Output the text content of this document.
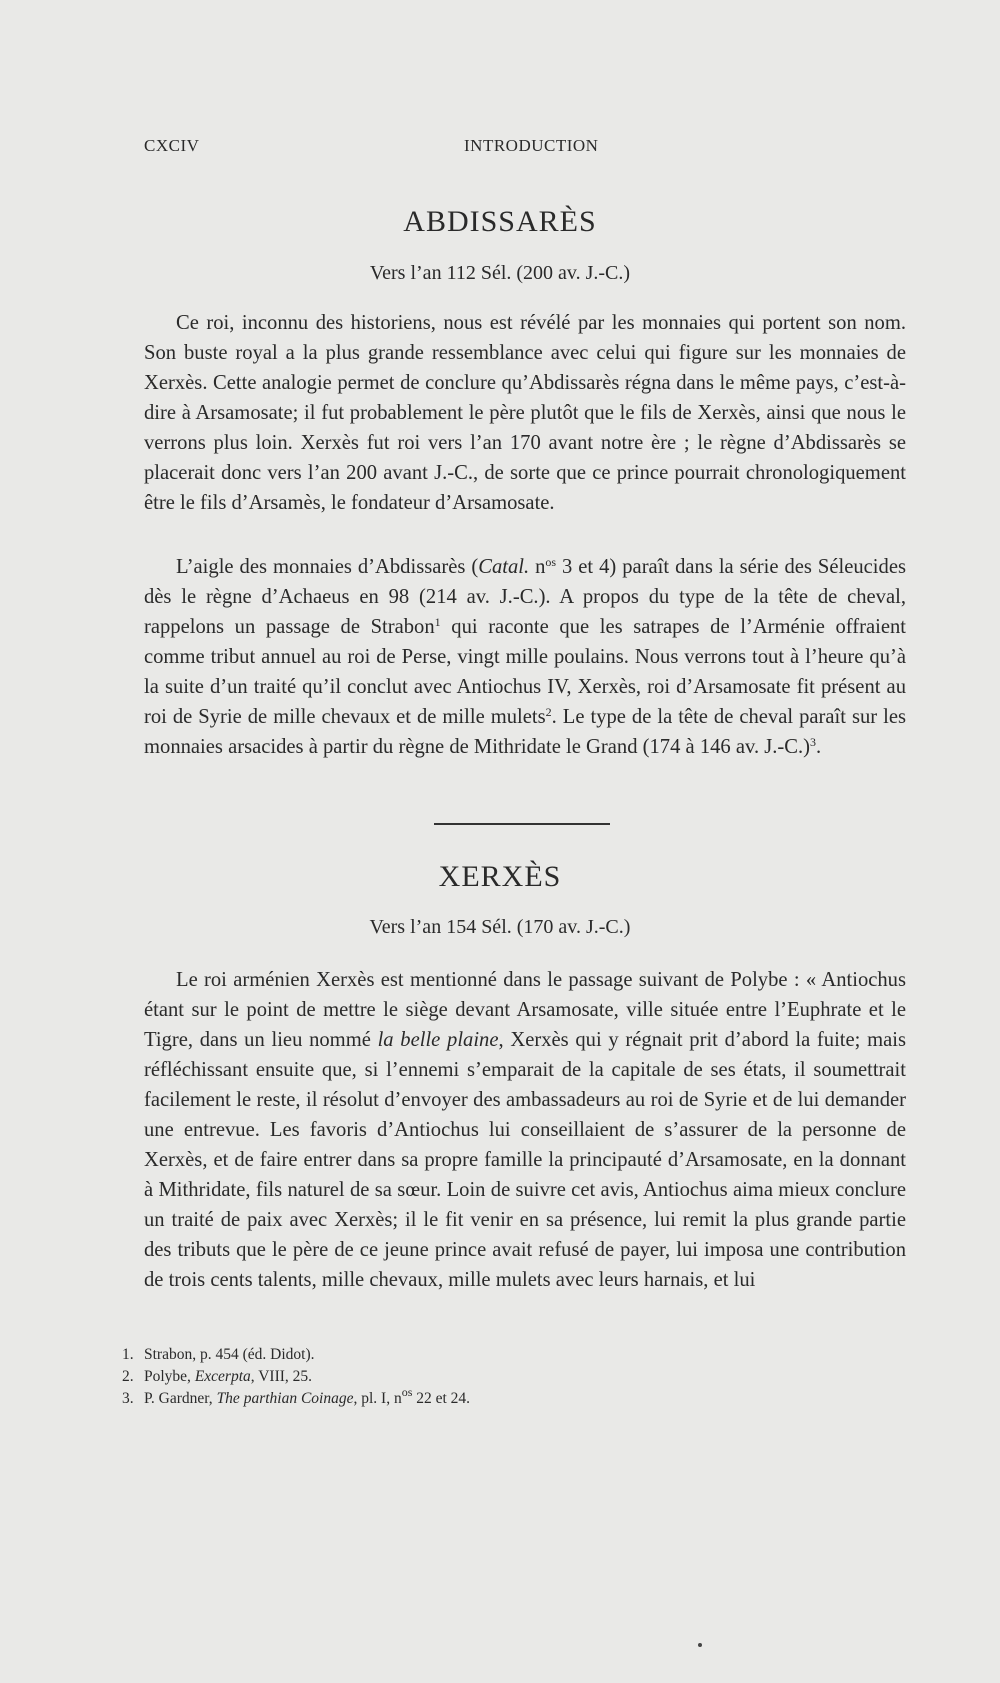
CXCIV	INTRODUCTION
ABDISSARÈS
Vers l’an 112 Sél. (200 av. J.-C.)

Ce roi, inconnu des historiens, nous est révélé par les monnaies qui portent son nom. Son buste royal a la plus grande ressemblance avec celui qui figure sur les monnaies de Xerxès. Cette analogie permet de conclure qu’Abdissarès régna dans le même pays, c’est-à-dire à Arsamosate; il fut probablement le père plutôt que le fils de Xerxès, ainsi que nous le verrons plus loin. Xerxès fut roi vers l’an 170 avant notre ère ; le règne d’Abdissarès se placerait donc vers l’an 200 avant J.-C., de sorte que ce prince pourrait chronologiquement être le fils d’Arsamès, le fondateur d’Arsamosate.

L’aigle des monnaies d’Abdissarès (Catal. $n^{os}$ 3 et 4) paraît dans la série des Séleucides dès le règne d’Achaeus en 98 (214 av. J.-C.). A propos du type de la tête de cheval, rappelons un passage de Strabon$^1$ qui raconte que les satrapes de l’Arménie offraient comme tribut annuel au roi de Perse, vingt mille poulains. Nous verrons tout à l’heure qu’à la suite d’un traité qu’il conclut avec Antiochus IV, Xerxès, roi d’Arsamosate fit présent au roi de Syrie de mille chevaux et de mille mulets$^2$. Le type de la tête de cheval paraît sur les monnaies arsacides à partir du règne de Mithridate le Grand (174 à 146 av. J.-C.)$^3$.

XERXÈS
Vers l’an 154 Sél. (170 av. J.-C.)

Le roi arménien Xerxès est mentionné dans le passage suivant de Polybe : « Antiochus étant sur le point de mettre le siège devant Arsamosate, ville située entre l’Euphrate et le Tigre, dans un lieu nommé la belle plaine, Xerxès qui y régnait prit d’abord la fuite; mais réfléchissant ensuite que, si l’ennemi s’emparait de la capitale de ses états, il soumettrait facilement le reste, il résolut d’envoyer des ambassadeurs au roi de Syrie et de lui demander une entrevue. Les favoris d’Antiochus lui conseillaient de s’assurer de la personne de Xerxès, et de faire entrer dans sa propre famille la principauté d’Arsamosate, en la donnant à Mithridate, fils naturel de sa sœur. Loin de suivre cet avis, Antiochus aima mieux conclure un traité de paix avec Xerxès; il le fit venir en sa présence, lui remit la plus grande partie des tributs que le père de ce jeune prince avait refusé de payer, lui imposa une contribution de trois cents talents, mille chevaux, mille mulets avec leurs harnais, et lui

1. Strabon, p. 454 (éd. Didot).

2. Polybe, Excerpta, VIII, 25.

3. P. Gardner, The parthian Coinage, pl. I, $n^{os}$ 22 et 24.
